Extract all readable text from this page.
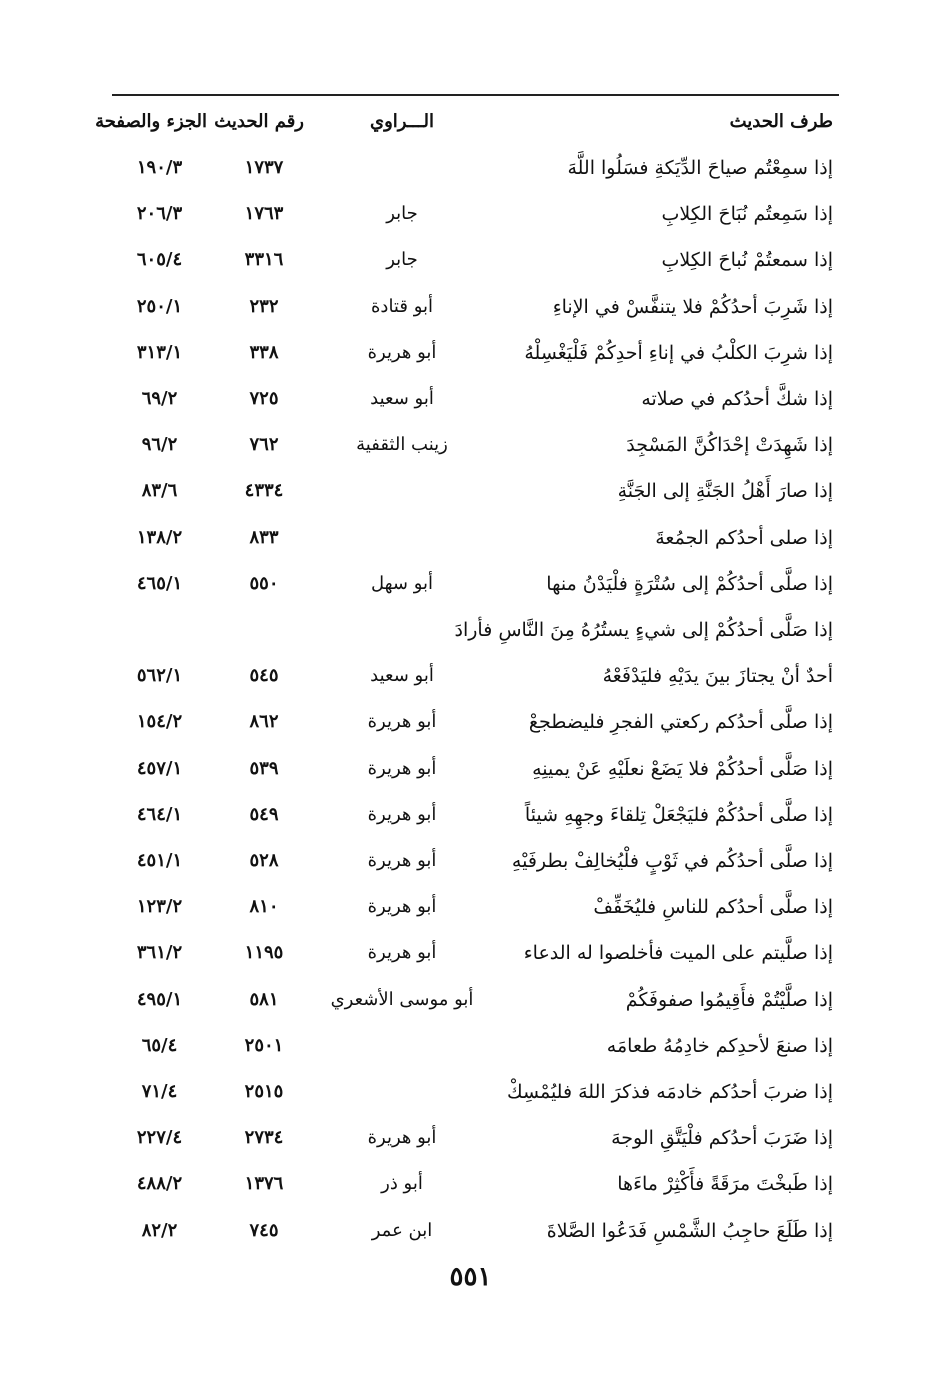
طرف الحديث
الـــراوي
رقم الحديث
الجزء والصفحة
إذا سمِعْتُم صياحَ الدِّيَكةِ فسَلُوا اللَّهَ
١٧٣٧
١٩٠/٣
إذا سَمِعتُم نُبَاحَ الكِلابِ
جابر
١٧٦٣
٢٠٦/٣
إذا سمعتُمْ نُباحَ الكِلابِ
جابر
٣٣١٦
٦٠٥/٤
إذا شَرِبَ أحدُكُمْ فلا يتنفَّسْ في الإناءِ
أبو قتادة
٢٣٢
٢٥٠/١
إذا شرِبَ الكلْبُ في إناءِ أحدِكُمْ فَلْيَغْسِلْهُ
أبو هريرة
٣٣٨
٣١٣/١
إذا شكَّ أحدُكم في صلاته
أبو سعيد
٧٢٥
٦٩/٢
إذا شَهِدَتْ إحْدَاكُنَّ المَسْجِدَ
زينب الثقفية
٧٦٢
٩٦/٢
إذا صارَ أَهْلُ الجَنَّةِ إلى الجَنَّةِ
٤٣٣٤
٨٣/٦
إذا صلى أحدُكم الجمُعةَ
٨٣٣
١٣٨/٢
إذا صلَّى أحدُكُمْ إلى سُتْرَةٍ فلْيَدْنُ منها
أبو سهل
٥٥٠
٤٦٥/١
إذا صَلَّى أحدُكُمْ إلى شيءٍ يستُرُهُ مِنَ النَّاسِ فأرادَ
أحدٌ أنْ يجتازَ بينَ يدَيْهِ فليَدْفَعْهُ
أبو سعيد
٥٤٥
٥٦٢/١
إذا صلَّى أحدُكم ركعتي الفجرِ فليضطجعْ
أبو هريرة
٨٦٢
١٥٤/٢
إذا صَلَّى أحدُكُمْ فلا يَضَعْ نعلَيْهِ عَنْ يمينِهِ
أبو هريرة
٥٣٩
٤٥٧/١
إذا صلَّى أحدُكُمْ فليَجْعَلْ تِلقاءَ وجهِهِ شيئاً
أبو هريرة
٥٤٩
٤٦٤/١
إذا صلَّى أحدُكُم في ثَوْبٍ فلْيُخالِفْ بطرفَيْهِ
أبو هريرة
٥٢٨
٤٥١/١
إذا صلَّى أحدُكم للناسِ فليُخَفِّفْ
أبو هريرة
٨١٠
١٢٣/٢
إذا صلَّيتم على الميت فأخلصوا له الدعاء
أبو هريرة
١١٩٥
٣٦١/٢
إذا صلَّيْتُمْ فأَقِيمُوا صفوفَكُمْ
أبو موسى الأشعري
٥٨١
٤٩٥/١
إذا صنعَ لأحدِكم خادِمُهُ طعامَه
٢٥٠١
٦٥/٤
إذا ضربَ أحدُكم خادمَه فذكرَ اللهَ فليُمْسِكْ
٢٥١٥
٧١/٤
إذا ضَرَبَ أحدُكم فلْيَتَّقِ الوجهَ
أبو هريرة
٢٧٣٤
٢٢٧/٤
إذا طَبخْتَ مرَقَةً فأَكْثِرْ ماءَها
أبو ذر
١٣٧٦
٤٨٨/٢
إذا طَلَعَ حاجِبُ الشَّمْسِ فَدَعُوا الصَّلاةَ
ابن عمر
٧٤٥
٨٢/٢
٥٥١
